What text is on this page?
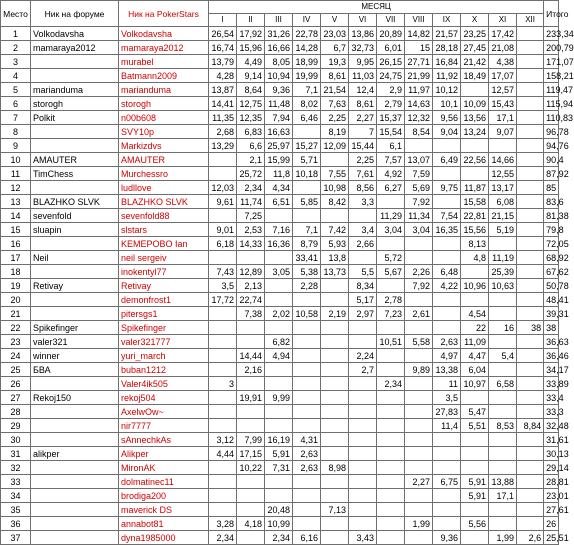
Место	Ник на форуме	Ник на PokerStars	МЕСЯЦ												Итого
			I	II	III	IV	V	VI	VII	VIII	IX	X	XI	XII	
1	Volkodavsha	Volkodavsha	26,54	17,92	31,26	22,78	23,03	13,86	20,89	14,82	21,57	23,25	17,42		233,34
2	mamaraya2012	mamaraya2012	16,74	15,96	16,66	14,28	6,7	32,73	6,01	15	28,18	27,45	21,08		200,79
3		murabel	13,79	4,49	8,05	18,99	19,3	9,95	26,15	27,71	16,84	21,42	4,38		171,07
4		Batmann2009	4,28	9,14	10,94	19,99	8,61	11,03	24,75	21,99	11,92	18,49	17,07		158,21
5	marianduma	marianduma	13,87	8,64	9,36	7,1	21,54	12,4	2,9	11,97	10,12		12,57		119,47
6	storogh	storogh	14,41	12,75	11,48	8,02	7,63	8,61	2,79	14,63	10,1	10,09	15,43		115,94
7	Polkit	n00b608	11,35	12,35	7,94	6,46	2,25	2,27	15,37	12,32	9,56	13,56	17,1		110,83
8		SVY10p	2,68	6,83	16,63		8,19	7	15,54	8,54	9,04	13,24	9,07		96,78
9		Markizdvs	13,29	6,6	25,97	15,27	12,09	15,44	6,1						94,76
10	AMAUTER	AMAUTER		2,1	15,99	5,71		2,25	7,57	13,07	6,49	22,56	14,66		90,4
11	TimChess	Murchessro		25,72	11,8	10,18	7,55	7,61	4,92	7,59			12,55		87,92
12		ludllove	12,03	2,34	4,34		10,98	8,56	6,27	5,69	9,75	11,87	13,17		85
13	BLAZHKO SLVK	BLAZHKO SLVK	9,61	11,74	6,51	5,85	8,42	3,3		7,92		15,58	6,08		83,6
14	sevenfold	sevenfold88		7,25					11,29	11,34	7,54	22,81	21,15		81,38
15	sluapin	slstars	9,01	2,53	7,16	7,1	7,42	3,4	3,04	3,04	16,35	15,56	5,19		79,8
16		KEMEPOBO Ian	6,18	14,33	16,36	8,79	5,93	2,66				8,13			72,05
17	Neil	neil sergeiv				33,41	13,8		5,72			4,8	11,19		68,92
18		inokentyl77	7,43	12,89	3,05	5,38	13,73	5,5	5,67	2,26	6,48		25,39		67,62
19	Retivay	Retivay	3,5	2,13		2,28		8,34		7,92	4,22	10,96	10,63		50,78
20		demonfrost1	17,72	22,74				5,17	2,78						48,41
21		pitersgs1		7,38	2,02	10,58	2,19	2,97	7,23	2,61		4,54			39,31
22	Spikefinger	Spikefinger										22	16	38	38
23	valer321	valer321777			6,82				10,51	5,58	2,63	11,09			36,63
24	winner	yuri_march		14,44	4,94			2,24			4,97	4,47	5,4		36,46
25	БВА	buban1212		2,16				2,7		9,89	13,38	6,04			34,17
26		Valer4ik505	3						2,34		11	10,97	6,58		33,89
27	Rekoj150	rekoj504		19,91	9,99						3,5				33,4
28		AxelwOw~									27,83	5,47			33,3
29		nir7777									11,4	5,51	8,53	8,84	32,48
30		sAnnechkAs	3,12	7,99	16,19	4,31									31,61
31	alikper	Alikper	4,44	17,15	5,91	2,63									30,13
32		MironAK		10,22	7,31	2,63	8,98								29,14
33		dolmatinec11								2,27	6,75	5,91	13,88		28,81
34		brodiga200										5,91	17,1		23,01
35		maverick DS			20,48		7,13								27,61
36		annabot81	3,28	4,18	10,99					1,99		5,56			26
37		dyna1985000	2,34		2,34	6,16		3,43			9,36		1,99	2,6	25,51
